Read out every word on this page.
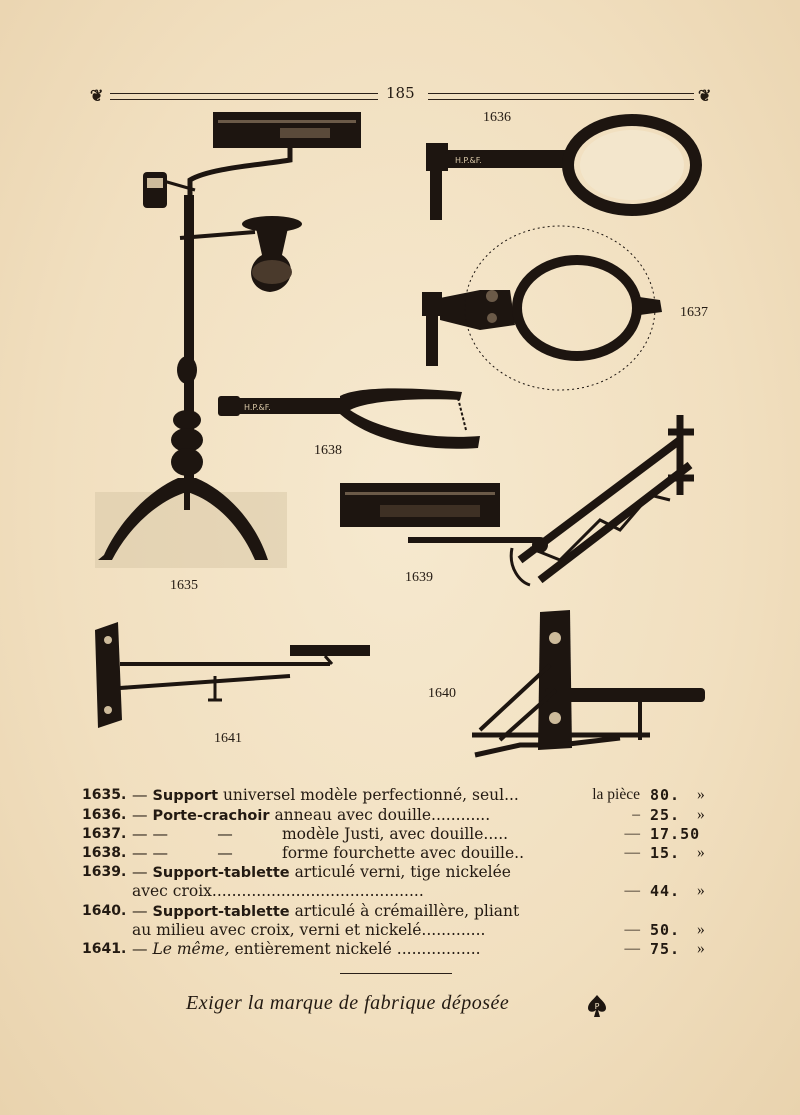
❦	185	❦
H.P.&F.
H.P.&F.
1636
1637
1638
1635
1639
1640
1641
1635. — Support universel modèle perfectionné, seul...	la pièce 80.	»
1636. — Porte-crachoir anneau avec douille............	– 25.	»
1637. — —          —          modèle Justi, avec douille.....	— 17.50
1638. — —          —          forme fourchette avec douille..	— 15.	»
1639. — Support-tablette articulé verni, tige nickelée
avec croix...........................................	— 44.	»
1640. — Support-tablette articulé à crémaillère, pliant
au milieu avec croix, verni et nickelé.............	— 50.	»
1641. — Le même, entièrement nickelé .................	— 75.	»
Exiger la marque de fabrique déposée	P
